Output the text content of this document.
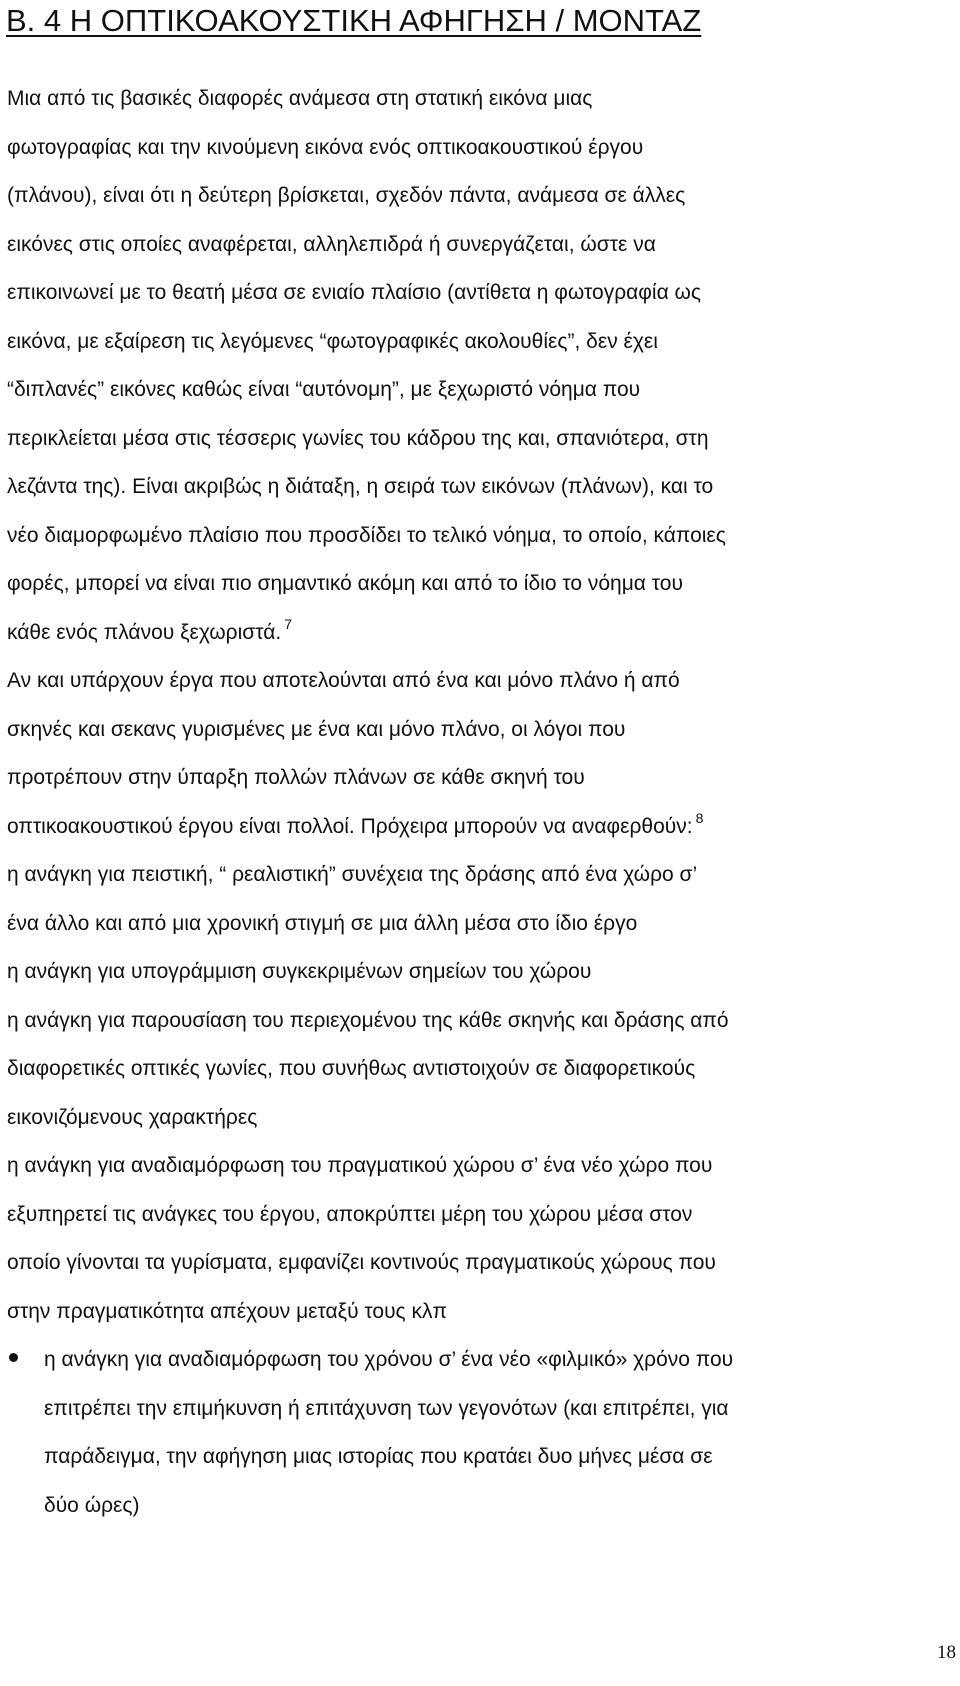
Β. 4 Η ΟΠΤΙΚΟΑΚΟΥΣΤΙΚΗ ΑΦΗΓΗΣΗ / ΜΟΝΤΑΖ
Μια από τις βασικές διαφορές ανάμεσα στη στατική εικόνα μιας
φωτογραφίας και την κινούμενη εικόνα ενός οπτικοακουστικού έργου
(πλάνου), είναι ότι η δεύτερη βρίσκεται, σχεδόν πάντα, ανάμεσα σε άλλες
εικόνες στις οποίες αναφέρεται, αλληλεπιδρά ή συνεργάζεται, ώστε να
επικοινωνεί με το θεατή μέσα σε ενιαίο πλαίσιο (αντίθετα η φωτογραφία ως
εικόνα, με εξαίρεση τις λεγόμενες “φωτογραφικές ακολουθίες”, δεν έχει
“διπλανές” εικόνες καθώς είναι “αυτόνομη”, με ξεχωριστό νόημα που
περικλείεται μέσα στις τέσσερις γωνίες του κάδρου της και, σπανιότερα, στη
λεζάντα της). Είναι ακριβώς η διάταξη, η σειρά των εικόνων (πλάνων), και το
νέο διαμορφωμένο πλαίσιο που προσδίδει το τελικό νόημα, το οποίο, κάποιες
φορές, μπορεί να είναι πιο σημαντικό ακόμη και από το ίδιο το νόημα του
κάθε ενός πλάνου ξεχωριστά. $^7$
Αν και υπάρχουν έργα που αποτελούνται από ένα και μόνο πλάνο ή από
σκηνές και σεκανς γυρισμένες με ένα και μόνο πλάνο, οι λόγοι που
προτρέπουν στην ύπαρξη πολλών πλάνων σε κάθε σκηνή του
οπτικοακουστικού έργου είναι πολλοί. Πρόχειρα μπορούν να αναφερθούν: $^8$
η ανάγκη για πειστική, “ ρεαλιστική” συνέχεια της δράσης από ένα χώρο σ’
ένα άλλο και από μια χρονική στιγμή σε μια άλλη μέσα στο ίδιο έργο
η ανάγκη για υπογράμμιση συγκεκριμένων σημείων του χώρου
η ανάγκη για παρουσίαση του περιεχομένου της κάθε σκηνής και δράσης από
διαφορετικές οπτικές γωνίες, που συνήθως αντιστοιχούν σε διαφορετικούς
εικονιζόμενους χαρακτήρες
η ανάγκη για αναδιαμόρφωση του πραγματικού χώρου σ’ ένα νέο χώρο που
εξυπηρετεί τις ανάγκες του έργου, αποκρύπτει μέρη του χώρου μέσα στον
οποίο γίνονται τα γυρίσματα, εμφανίζει κοντινούς πραγματικούς χώρους που
στην πραγματικότητα απέχουν μεταξύ τους κλπ
η ανάγκη για αναδιαμόρφωση του χρόνου σ’ ένα νέο «φιλμικό» χρόνο που
επιτρέπει την επιμήκυνση ή επιτάχυνση των γεγονότων (και επιτρέπει, για
παράδειγμα, την αφήγηση μιας ιστορίας που κρατάει δυο μήνες μέσα σε
δύο ώρες)
18
